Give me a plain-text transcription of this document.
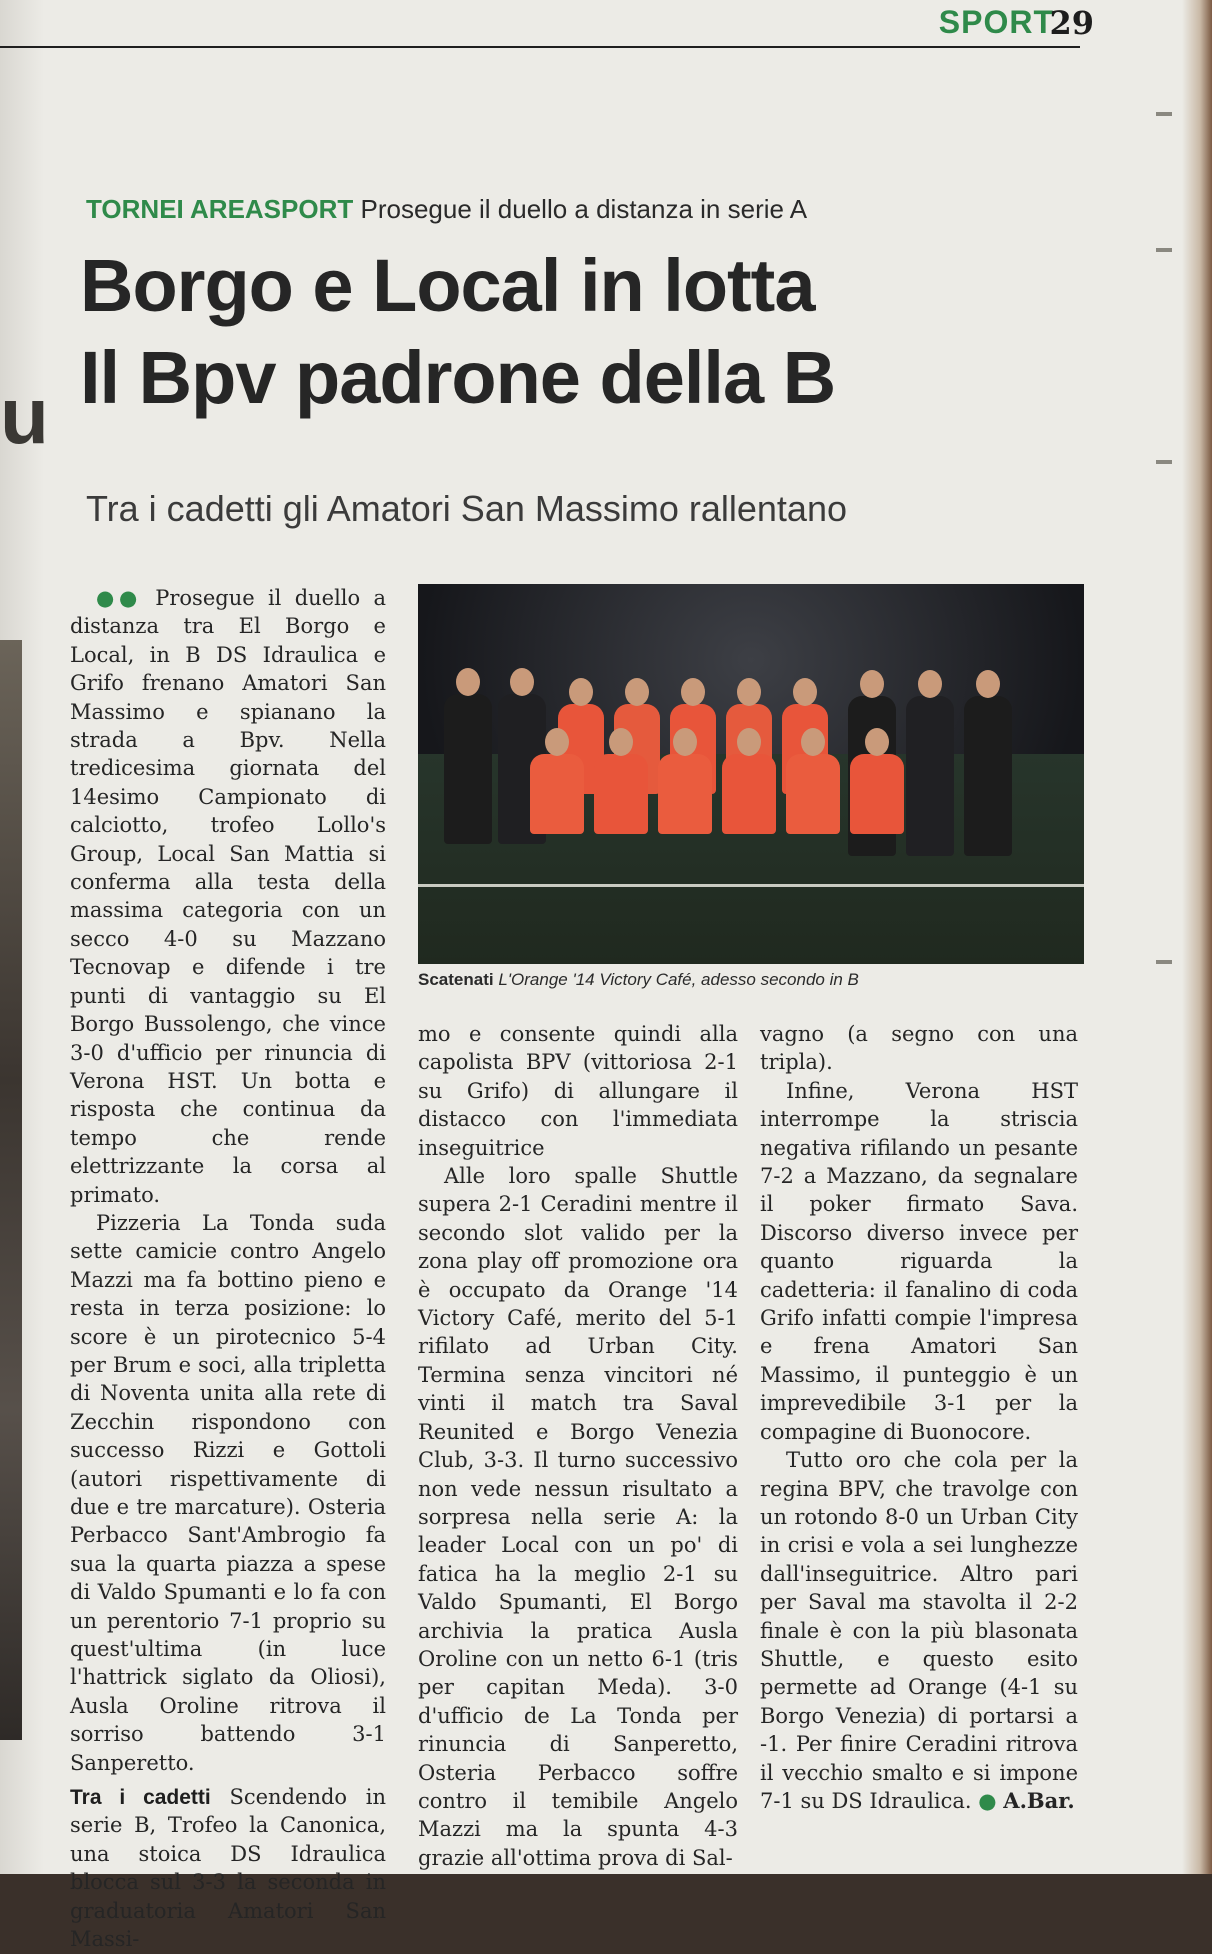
u
SPORT
29
TORNEI AREASPORT Prosegue il duello a distanza in serie A
Borgo e Local in lotta
Il Bpv padrone della B
Tra i cadetti gli Amatori San Massimo rallentano
Scatenati L'Orange '14 Victory Café, adesso secondo in B

●● Prosegue il duello a distanza tra El Borgo e Local, in B DS Idraulica e Grifo frenano Amatori San Massimo e spianano la strada a Bpv. Nella tredicesima giornata del 14esimo Campionato di calciotto, trofeo Lollo's Group, Local San Mattia si conferma alla testa della massima categoria con un secco 4-0 su Mazzano Tecnovap e difende i tre punti di vantaggio su El Borgo Bussolengo, che vince 3-0 d'ufficio per rinuncia di Verona HST. Un botta e risposta che continua da tempo che rende elettrizzante la corsa al primato.

Pizzeria La Tonda suda sette camicie contro Angelo Mazzi ma fa bottino pieno e resta in terza posizione: lo score è un pirotecnico 5-4 per Brum e soci, alla tripletta di Noventa unita alla rete di Zecchin rispondono con successo Rizzi e Gottoli (autori rispettivamente di due e tre marcature). Osteria Perbacco Sant'Ambrogio fa sua la quarta piazza a spese di Valdo Spumanti e lo fa con un perentorio 7-1 proprio su quest'ultima (in luce l'hattrick siglato da Oliosi), Ausla Oroline ritrova il sorriso battendo 3-1 Sanperetto.

Tra i cadetti Scendendo in serie B, Trofeo la Canonica, una stoica DS Idraulica blocca sul 3-3 la seconda in graduatoria Amatori San Massi-

mo e consente quindi alla capolista BPV (vittoriosa 2-1 su Grifo) di allungare il distacco con l'immediata inseguitrice

Alle loro spalle Shuttle supera 2-1 Ceradini mentre il secondo slot valido per la zona play off promozione ora è occupato da Orange '14 Victory Café, merito del 5-1 rifilato ad Urban City. Termina senza vincitori né vinti il match tra Saval Reunited e Borgo Venezia Club, 3-3. Il turno successivo non vede nessun risultato a sorpresa nella serie A: la leader Local con un po' di fatica ha la meglio 2-1 su Valdo Spumanti, El Borgo archivia la pratica Ausla Oroline con un netto 6-1 (tris per capitan Meda). 3-0 d'ufficio de La Tonda per rinuncia di Sanperetto, Osteria Perbacco soffre contro il temibile Angelo Mazzi ma la spunta 4-3 grazie all'ottima prova di Sal-

vagno (a segno con una tripla).

Infine, Verona HST interrompe la striscia negativa rifilando un pesante 7-2 a Mazzano, da segnalare il poker firmato Sava. Discorso diverso invece per quanto riguarda la cadetteria: il fanalino di coda Grifo infatti compie l'impresa e frena Amatori San Massimo, il punteggio è un imprevedibile 3-1 per la compagine di Buonocore.

Tutto oro che cola per la regina BPV, che travolge con un rotondo 8-0 un Urban City in crisi e vola a sei lunghezze dall'inseguitrice. Altro pari per Saval ma stavolta il 2-2 finale è con la più blasonata Shuttle, e questo esito permette ad Orange (4-1 su Borgo Venezia) di portarsi a -1. Per finire Ceradini ritrova il vecchio smalto e si impone 7-1 su DS Idraulica. ● A.Bar.
